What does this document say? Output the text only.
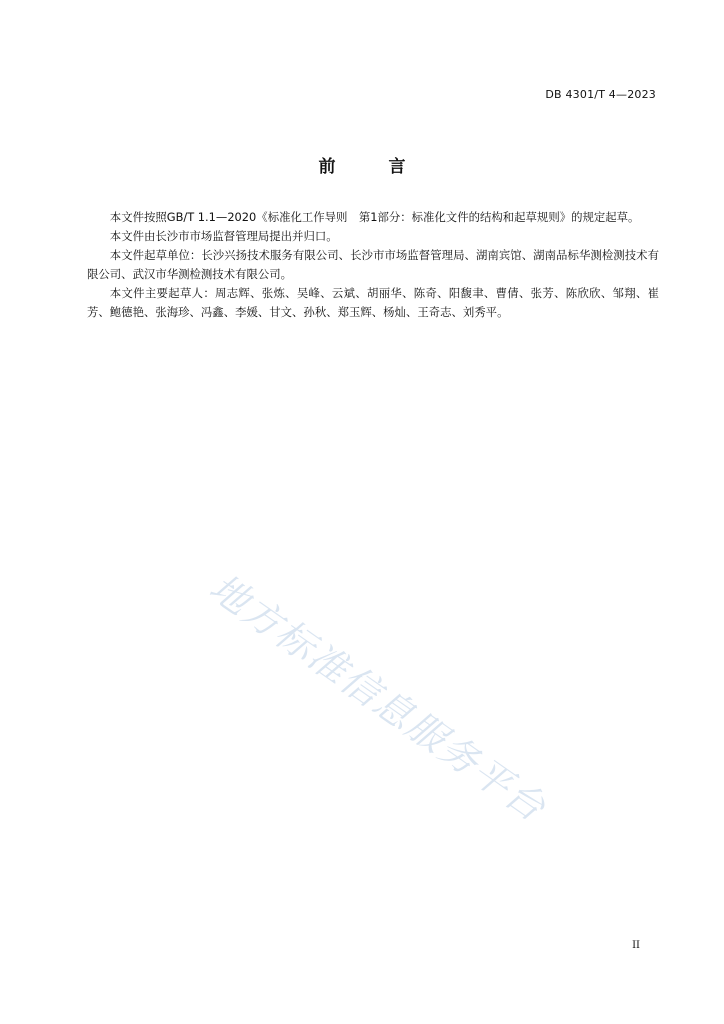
DB 4301/T 4—2023
前　言

本文件按照GB/T 1.1—2020《标准化工作导则　第1部分：标准化文件的结构和起草规则》的规定起草。

本文件由长沙市市场监督管理局提出并归口。

本文件起草单位：长沙兴扬技术服务有限公司、长沙市市场监督管理局、湖南宾馆、湖南品标华测检测技术有限公司、武汉市华测检测技术有限公司。

本文件主要起草人：周志辉、张炼、吴峰、云斌、胡丽华、陈奇、阳馥聿、曹倩、张芳、陈欣欣、邹翔、崔芳、鲍德艳、张海珍、冯鑫、李媛、甘文、孙秋、郑玉辉、杨灿、王奇志、刘秀平。

地方标准信息服务平台
II
